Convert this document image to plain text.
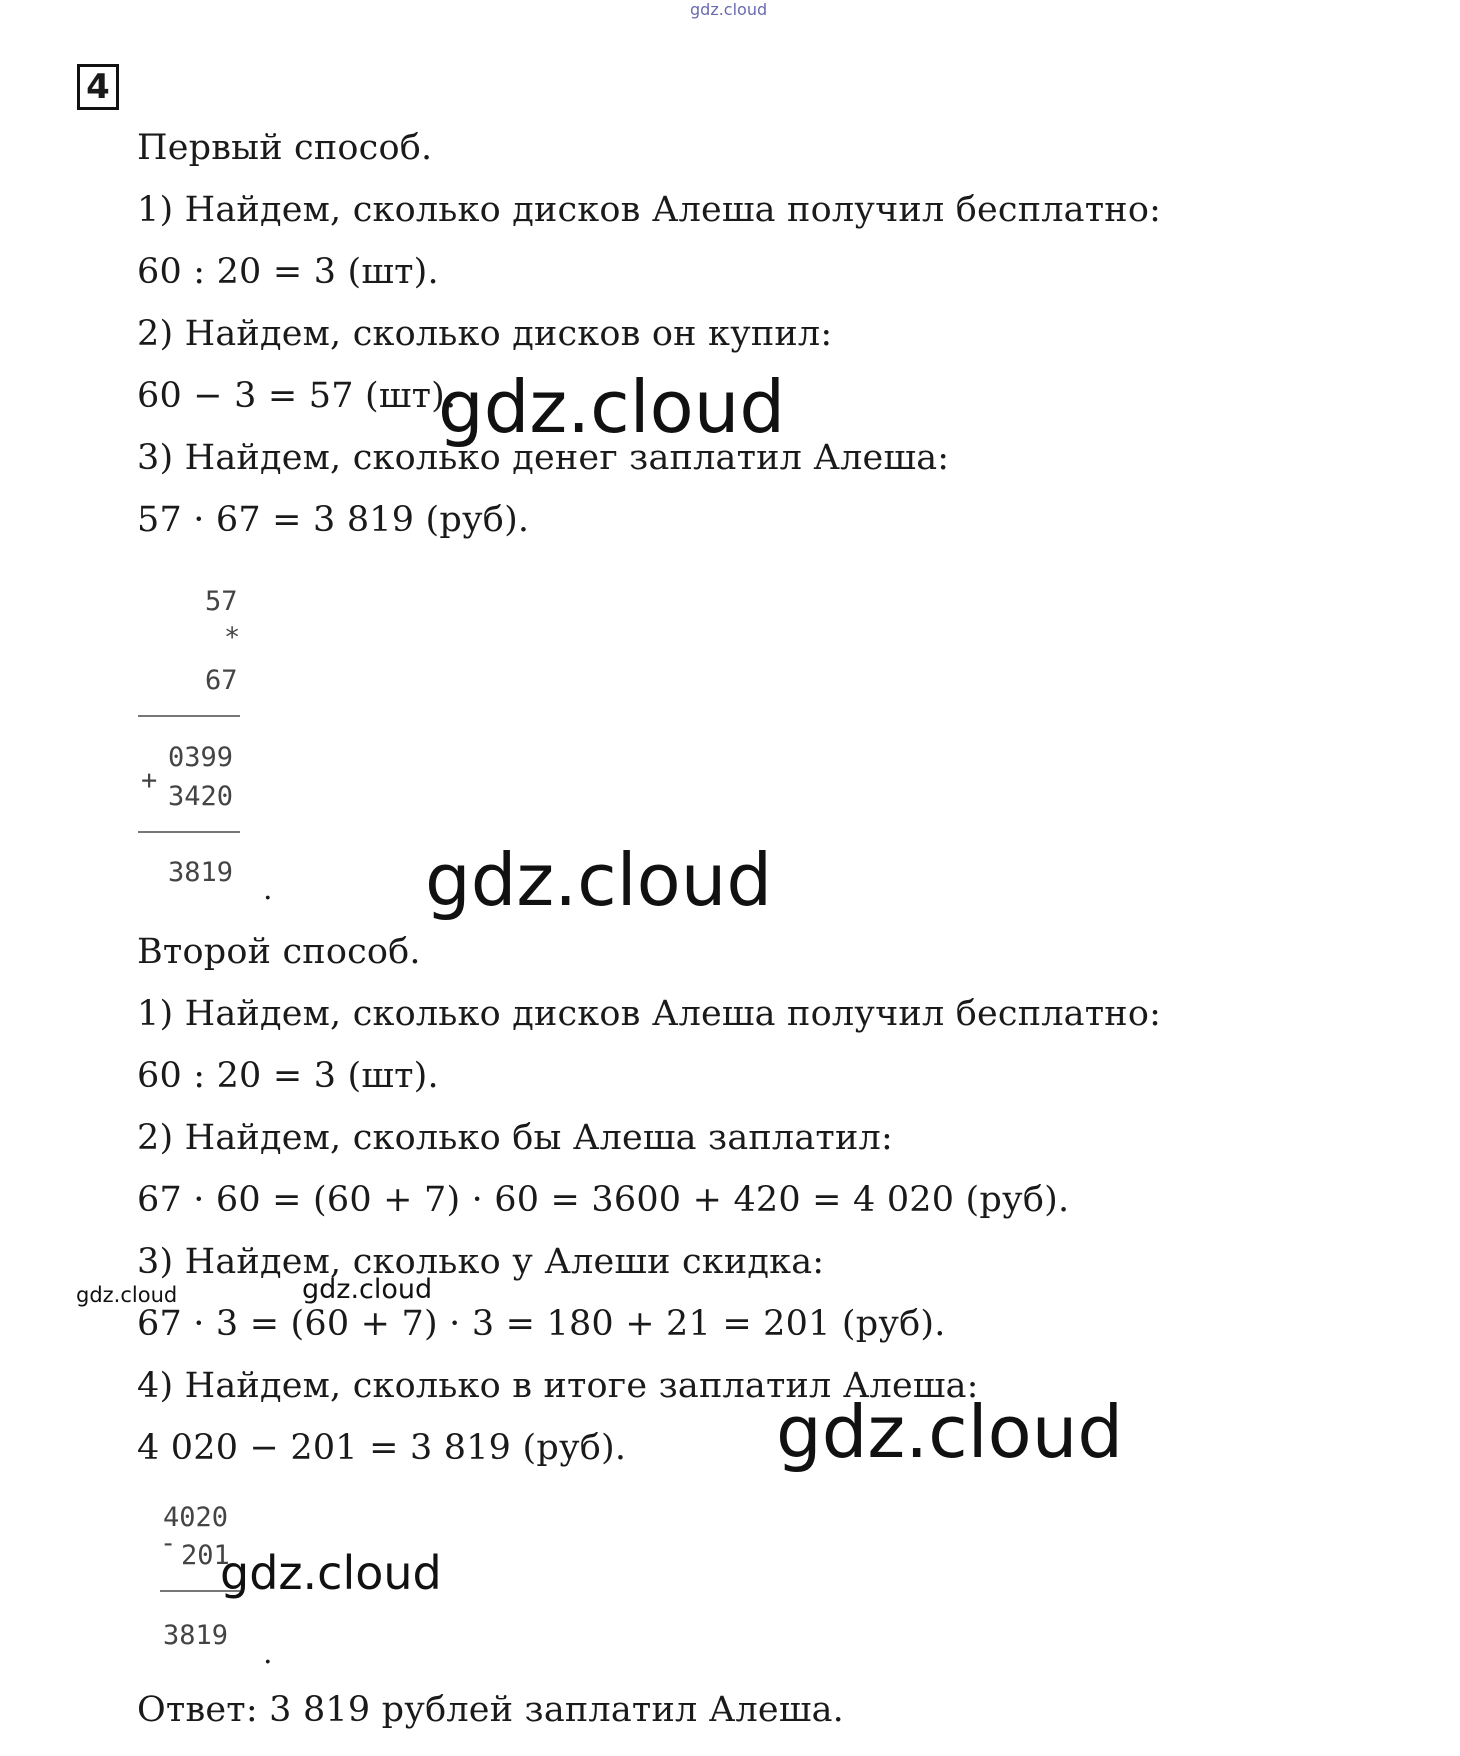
gdz.cloud
4
Первый способ.
1) Найдем, сколько дисков Алеша получил бесплатно:
60 : 20 = 3 (шт).
2) Найдем, сколько дисков он купил:
60 − 3 = 57 (шт).
3) Найдем, сколько денег заплатил Алеша:
57 · 67 = 3 819 (руб).
57
*
67
+
0399
3420
3819 .
Второй способ.
1) Найдем, сколько дисков Алеша получил бесплатно:
60 : 20 = 3 (шт).
2) Найдем, сколько бы Алеша заплатил:
67 · 60 = (60 + 7) · 60 = 3600 + 420 = 4 020 (руб).
3) Найдем, сколько у Алеши скидка:
67 · 3 = (60 + 7) · 3 = 180 + 21 = 201 (руб).
4) Найдем, сколько в итоге заплатил Алеша:
4 020 − 201 = 3 819 (руб).
4020
- 201
3819
.
Ответ: 3 819 рублей заплатил Алеша.
gdz.cloud
gdz.cloud
gdz.cloud
gdz.cloud
gdz.cloud
gdz.cloud
